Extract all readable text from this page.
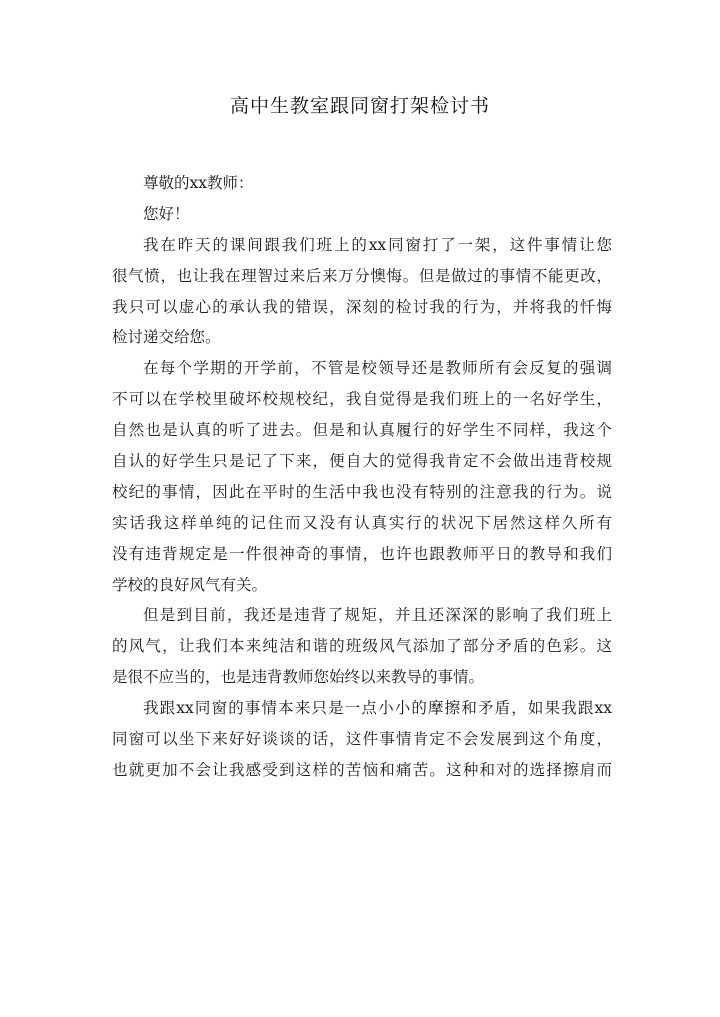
高中生教室跟同窗打架检讨书
尊敬的xx教师：
您好！
我在昨天的课间跟我们班上的xx同窗打了一架，这件事情让您
很气愤，也让我在理智过来后来万分懊悔。但是做过的事情不能更改，
我只可以虚心的承认我的错误，深刻的检讨我的行为，并将我的忏悔
检讨递交给您。
在每个学期的开学前，不管是校领导还是教师所有会反复的强调
不可以在学校里破坏校规校纪，我自觉得是我们班上的一名好学生，
自然也是认真的听了进去。但是和认真履行的好学生不同样，我这个
自认的好学生只是记了下来，便自大的觉得我肯定不会做出违背校规
校纪的事情，因此在平时的生活中我也没有特别的注意我的行为。说
实话我这样单纯的记住而又没有认真实行的状况下居然这样久所有
没有违背规定是一件很神奇的事情，也许也跟教师平日的教导和我们
学校的良好风气有关。
但是到目前，我还是违背了规矩，并且还深深的影响了我们班上
的风气，让我们本来纯洁和谐的班级风气添加了部分矛盾的色彩。这
是很不应当的，也是违背教师您始终以来教导的事情。
我跟xx同窗的事情本来只是一点小小的摩擦和矛盾，如果我跟xx
同窗可以坐下来好好谈谈的话，这件事情肯定不会发展到这个角度，
也就更加不会让我感受到这样的苦恼和痛苦。这种和对的选择擦肩而
